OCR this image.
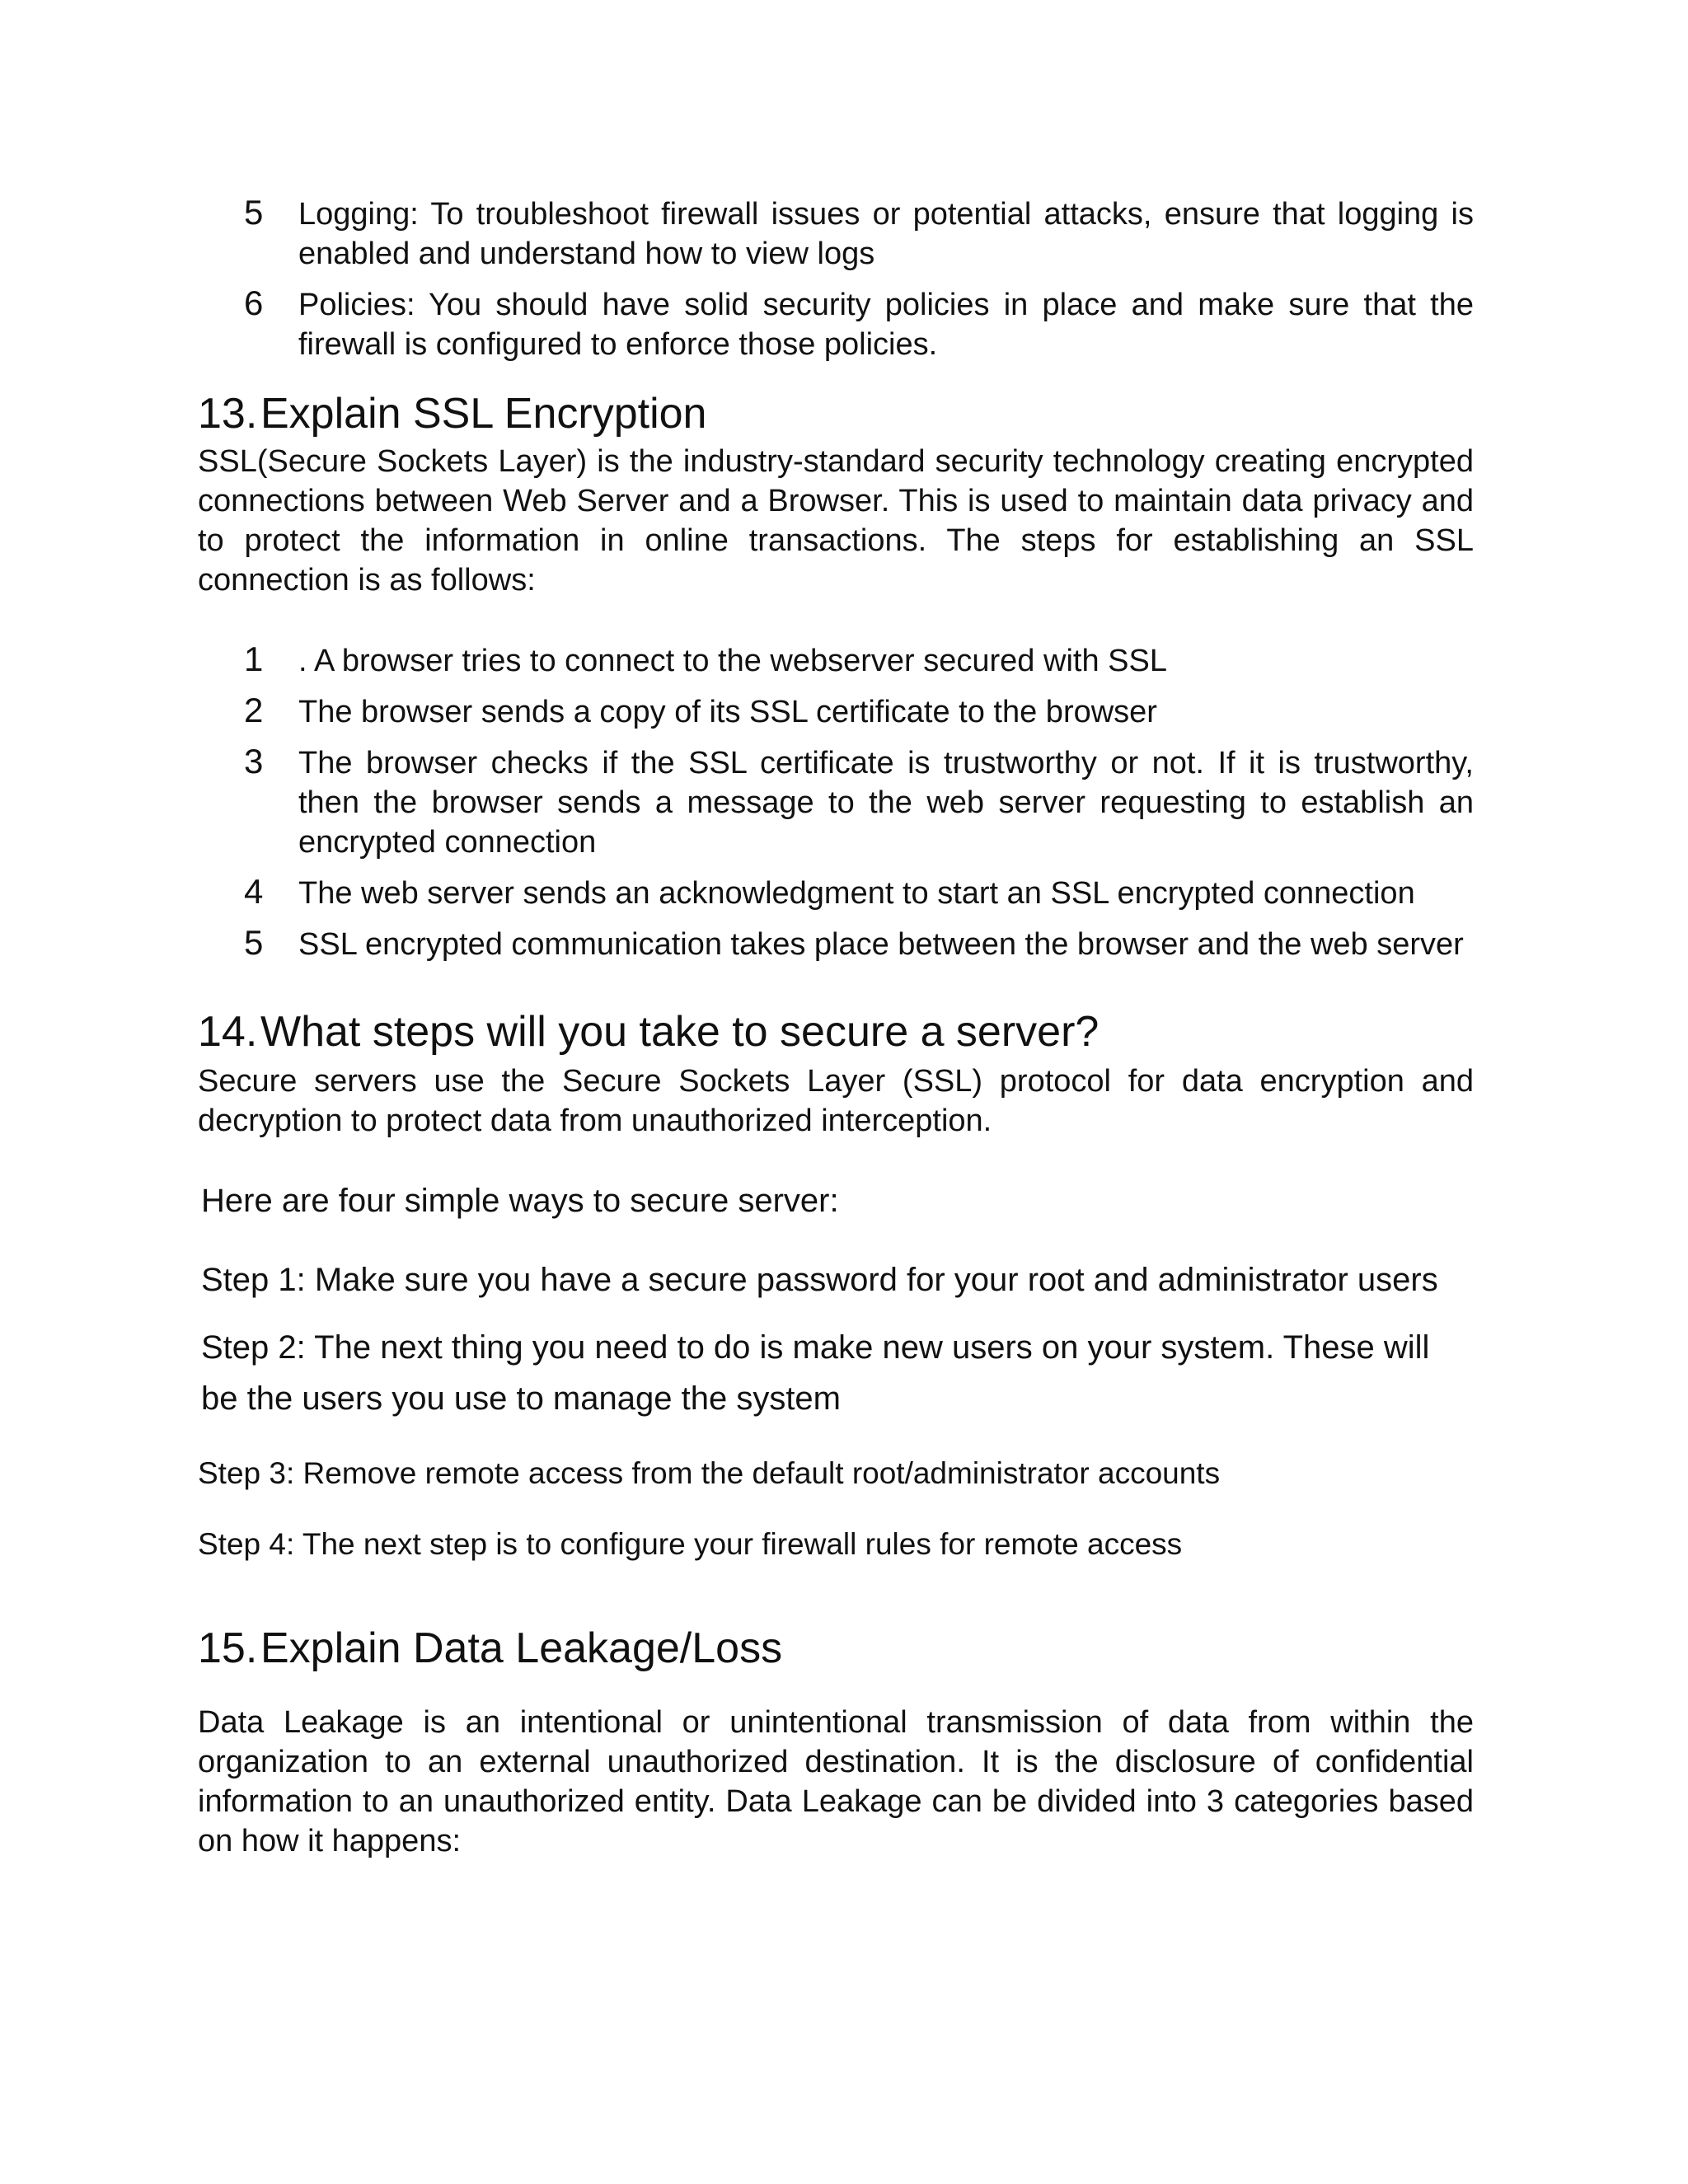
5 Logging: To troubleshoot firewall issues or potential attacks, ensure that logging is enabled and understand how to view logs
6 Policies: You should have solid security policies in place and make sure that the firewall is configured to enforce those policies.
13. Explain SSL Encryption

SSL(Secure Sockets Layer) is the industry-standard security technology creating encrypted connections between Web Server and a Browser. This is used to maintain data privacy and to protect the information in online transactions. The steps for establishing an SSL connection is as follows:

1 . A browser tries to connect to the webserver secured with SSL
2 The browser sends a copy of its SSL certificate to the browser
3 The browser checks if the SSL certificate is trustworthy or not. If it is trustworthy, then the browser sends a message to the web server requesting to establish an encrypted connection
4 The web server sends an acknowledgment to start an SSL encrypted connection
5 SSL encrypted communication takes place between the browser and the web server
14. What steps will you take to secure a server?

Secure servers use the Secure Sockets Layer (SSL) protocol for data encryption and decryption to protect data from unauthorized interception.

Here are four simple ways to secure server:

Step 1: Make sure you have a secure password for your root and administrator users

Step 2: The next thing you need to do is make new users on your system. These will be the users you use to manage the system

Step 3: Remove remote access from the default root/administrator accounts

Step 4: The next step is to configure your firewall rules for remote access

15. Explain Data Leakage/Loss

Data Leakage is an intentional or unintentional transmission of data from within the organization to an external unauthorized destination. It is the disclosure of confidential information to an unauthorized entity. Data Leakage can be divided into 3 categories based on how it happens:
